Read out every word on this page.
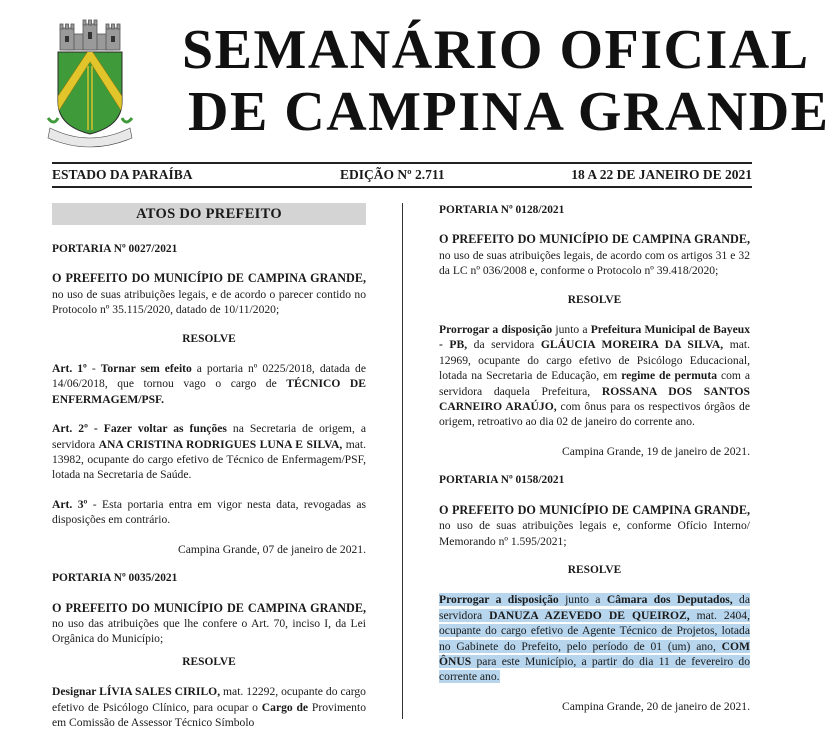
SEMANÁRIO OFICIAL
DE CAMPINA GRANDE
ESTADO DA PARAÍBA	EDIÇÃO Nº 2.711	18 A 22 DE JANEIRO DE 2021
ATOS DO PREFEITO
PORTARIA Nº 0027/2021
O PREFEITO DO MUNICÍPIO DE CAMPINA GRANDE, no uso de suas atribuições legais, e de acordo o parecer contido no Protocolo nº 35.115/2020, datado de 10/11/2020;
RESOLVE
Art. 1º - Tornar sem efeito a portaria nº 0225/2018, datada de 14/06/2018, que tornou vago o cargo de TÉCNICO DE ENFERMAGEM/PSF.
Art. 2º - Fazer voltar as funções na Secretaria de origem, a servidora ANA CRISTINA RODRIGUES LUNA E SILVA, mat. 13982, ocupante do cargo efetivo de Técnico de Enfermagem/PSF, lotada na Secretaria de Saúde.
Art. 3º - Esta portaria entra em vigor nesta data, revogadas as disposições em contrário.
Campina Grande, 07 de janeiro de 2021.
PORTARIA Nº 0035/2021
O PREFEITO DO MUNICÍPIO DE CAMPINA GRANDE, no uso das atribuições que lhe confere o Art. 70, inciso I, da Lei Orgânica do Município;
RESOLVE
Designar LÍVIA SALES CIRILO, mat. 12292, ocupante do cargo efetivo de Psicólogo Clínico, para ocupar o Cargo de Provimento em Comissão de Assessor Técnico Símbolo
PORTARIA Nº 0128/2021
O PREFEITO DO MUNICÍPIO DE CAMPINA GRANDE, no uso de suas atribuições legais, de acordo com os artigos 31 e 32 da LC nº 036/2008 e, conforme o Protocolo nº 39.418/2020;
RESOLVE
Prorrogar a disposição junto a Prefeitura Municipal de Bayeux - PB, da servidora GLÁUCIA MOREIRA DA SILVA, mat. 12969, ocupante do cargo efetivo de Psicólogo Educacional, lotada na Secretaria de Educação, em regime de permuta com a servidora daquela Prefeitura, ROSSANA DOS SANTOS CARNEIRO ARAÚJO, com ônus para os respectivos órgãos de origem, retroativo ao dia 02 de janeiro do corrente ano.
Campina Grande, 19 de janeiro de 2021.
PORTARIA Nº 0158/2021
O PREFEITO DO MUNICÍPIO DE CAMPINA GRANDE, no uso de suas atribuições legais e, conforme Ofício Interno/ Memorando nº 1.595/2021;
RESOLVE
Prorrogar a disposição junto a Câmara dos Deputados, da servidora DANUZA AZEVEDO DE QUEIROZ, mat. 2404, ocupante do cargo efetivo de Agente Técnico de Projetos, lotada no Gabinete do Prefeito, pelo período de 01 (um) ano, COM ÔNUS para este Município, a partir do dia 11 de fevereiro do corrente ano.
Campina Grande, 20 de janeiro de 2021.
